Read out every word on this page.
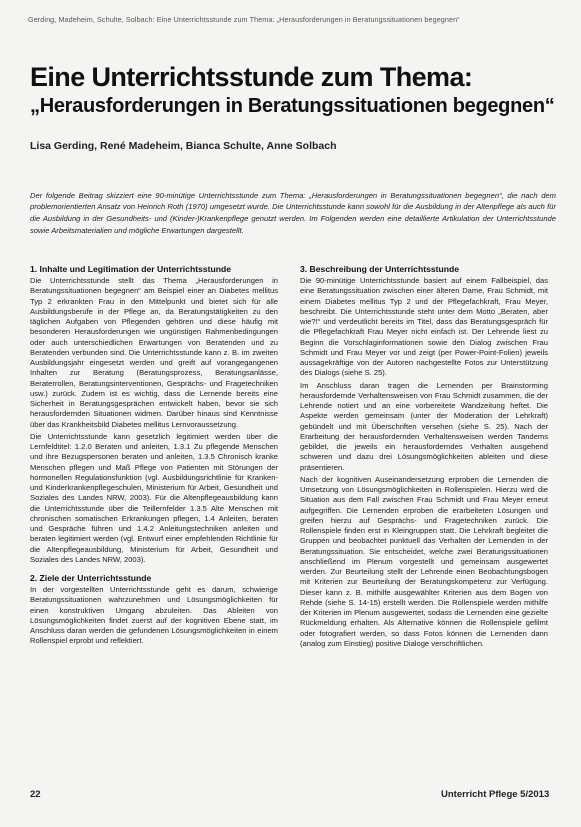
Gerding, Madeheim, Schulte, Solbach: Eine Unterrichtsstunde zum Thema: „Herausforderungen in Beratungssituationen begegnen“
Eine Unterrichtsstunde zum Thema:
„Herausforderungen in Beratungssituationen begegnen“
Lisa Gerding, René Madeheim, Bianca Schulte, Anne Solbach

Der folgende Beitrag skizziert eine 90-minütige Unterrichtsstunde zum Thema: „Herausforderungen in Beratungssituationen begegnen“, die nach dem problemorientierten Ansatz von Heinrich Roth (1970) umgesetzt wurde. Die Unterrichtsstunde kann sowohl für die Ausbildung in der Altenpflege als auch für die Ausbildung in der Gesundheits- und (Kinder-)Krankenpflege genutzt werden. Im Folgenden werden eine detaillierte Artikulation der Unterrichtsstunde sowie Arbeitsmaterialien und mögliche Erwartungen dargestellt.

1. Inhalte und Legitimation der Unterrichtsstunde

Die Unterrichtsstunde stellt das Thema „Herausforderungen in Beratungssituationen begegnen“ am Beispiel einer an Diabetes mellitus Typ 2 erkrankten Frau in den Mittelpunkt und bietet sich für alle Ausbildungsberufe in der Pflege an, da Beratungstätigkeiten zu den täglichen Aufgaben von Pflegenden gehören und diese häufig mit besonderen Herausforderungen wie ungünstigen Rahmenbedingungen oder auch unterschiedlichen Erwartungen von Beratenden und zu Beratenden verbunden sind. Die Unterrichtsstunde kann z. B. im zweiten Ausbildungsjahr eingesetzt werden und greift auf vorangegangenen Inhalten zur Beratung (Beratungsprozess, Beratungsanlässe, Beraterrollen, Beratungsinterventionen, Gesprächs- und Fragetechniken usw.) zurück. Zudem ist es wichtig, dass die Lernende bereits eine Sicherheit in Beratungsgesprächen entwickelt haben, bevor sie sich herausfordernden Situationen widmen. Darüber hinaus sind Kenntnisse über das Krankheitsbild Diabetes mellitus Lernvoraussetzung.

Die Unterrichtsstunde kann gesetzlich legitimiert werden über die Lernfeldtitel: 1.2.0 Beraten und anleiten, 1.3.1 Zu pflegende Menschen und ihre Bezugspersonen beraten und anleiten, 1.3.5 Chronisch kranke Menschen pflegen und Maß Pflege von Patienten mit Störungen der hormonellen Regulationsfunktion (vgl. Ausbildungsrichtlinie für Kranken- und Kinderkrankenpflegeschulen, Ministerium für Arbeit, Gesundheit und Soziales des Landes NRW, 2003). Für die Altenpflegeausbildung kann die Unterrichtsstunde über die Teillernfelder 1.3.5 Alte Menschen mit chronischen somatischen Erkrankungen pflegen, 1.4 Anleiten, beraten und Gespräche führen und 1.4.2 Anleitungstechniken anleiten und beraten legitimiert werden (vgl. Entwurf einer empfehlenden Richtlinie für die Altenpflegeausbildung, Ministerium für Arbeit, Gesundheit und Soziales des Landes NRW, 2003).

2. Ziele der Unterrichtsstunde

In der vorgestellten Unterrichtsstunde geht es darum, schwierige Beratungssituationen wahrzunehmen und Lösungsmöglichkeiten für einen konstruktiven Umgang abzuleiten. Das Ableiten von Lösungsmöglichkeiten findet zuerst auf der kognitiven Ebene statt, im Anschluss daran werden die gefundenen Lösungsmöglichkeiten in einem Rollenspiel erprobt und reflektiert.

3. Beschreibung der Unterrichtsstunde

Die 90-minütige Unterrichtsstunde basiert auf einem Fallbeispiel, das eine Beratungssituation zwischen einer älteren Dame, Frau Schmidt, mit einem Diabetes mellitus Typ 2 und der Pflegefachkraft, Frau Meyer, beschreibt. Die Unterrichtsstunde steht unter dem Motto „Beraten, aber wie?!“ und verdeutlicht bereits im Titel, dass das Beratungsgespräch für die Pflegefachkraft Frau Meyer nicht einfach ist. Der Lehrende liest zu Beginn die Vorschlaginformationen sowie den Dialog zwischen Frau Schmidt und Frau Meyer vor und zeigt (per Power-Point-Folien) jeweils aussagekräftige von der Autoren nachgestellte Fotos zur Unterstützung des Dialogs (siehe S. 25).

Im Anschluss daran tragen die Lernenden per Brainstorming herausfordernde Verhaltensweisen von Frau Schmidt zusammen, die der Lehrende notiert und an eine vorbereitete Wandzeitung heftet. Die Aspekte werden gemeinsam (unter der Moderation der Lehrkraft) gebündelt und mit Überschriften versehen (siehe S. 25). Nach der Erarbeitung der herausfordernden Verhaltensweisen werden Tandems gebildet, die jeweils ein herausforderndes Verhalten ausgehend schweren und dazu drei Lösungsmöglichkeiten ableiten und diese präsentieren.

Nach der kognitiven Auseinandersetzung erproben die Lernenden die Umsetzung von Lösungsmöglichkeiten in Rollenspielen. Hierzu wird die Situation aus dem Fall zwischen Frau Schmidt und Frau Meyer erneut aufgegriffen. Die Lernenden erproben die erarbeiteten Lösungen und greifen hierzu auf Gesprächs- und Fragetechniken zurück. Die Rollenspiele finden erst in Kleingruppen statt. Die Lehrkraft begleitet die Gruppen und beobachtet punktuell das Verhalten der Lernenden in der Beratungssituation. Sie entscheidet, welche zwei Beratungssituationen anschließend im Plenum vorgestellt und gemeinsam ausgewertet werden. Zur Beurteilung stellt der Lehrende einen Beobachtungsbogen mit Kriterien zur Beurteilung der Beratungskompetenz zur Verfügung. Dieser kann z. B. mithilfe ausgewählter Kriterien aus dem Bogen von Rehde (siehe S. 14-15) erstellt werden. Die Rollenspiele werden mithilfe der Kriterien im Plenum ausgewertet, sodass die Lernenden eine gezielte Rückmeldung erhalten. Als Alternative können die Rollenspiele gefilmt oder fotografiert werden, so dass Fotos können die Lernenden dann (analog zum Einstieg) positive Dialoge verschriftlichen.

22	Unterricht Pflege 5/2013
